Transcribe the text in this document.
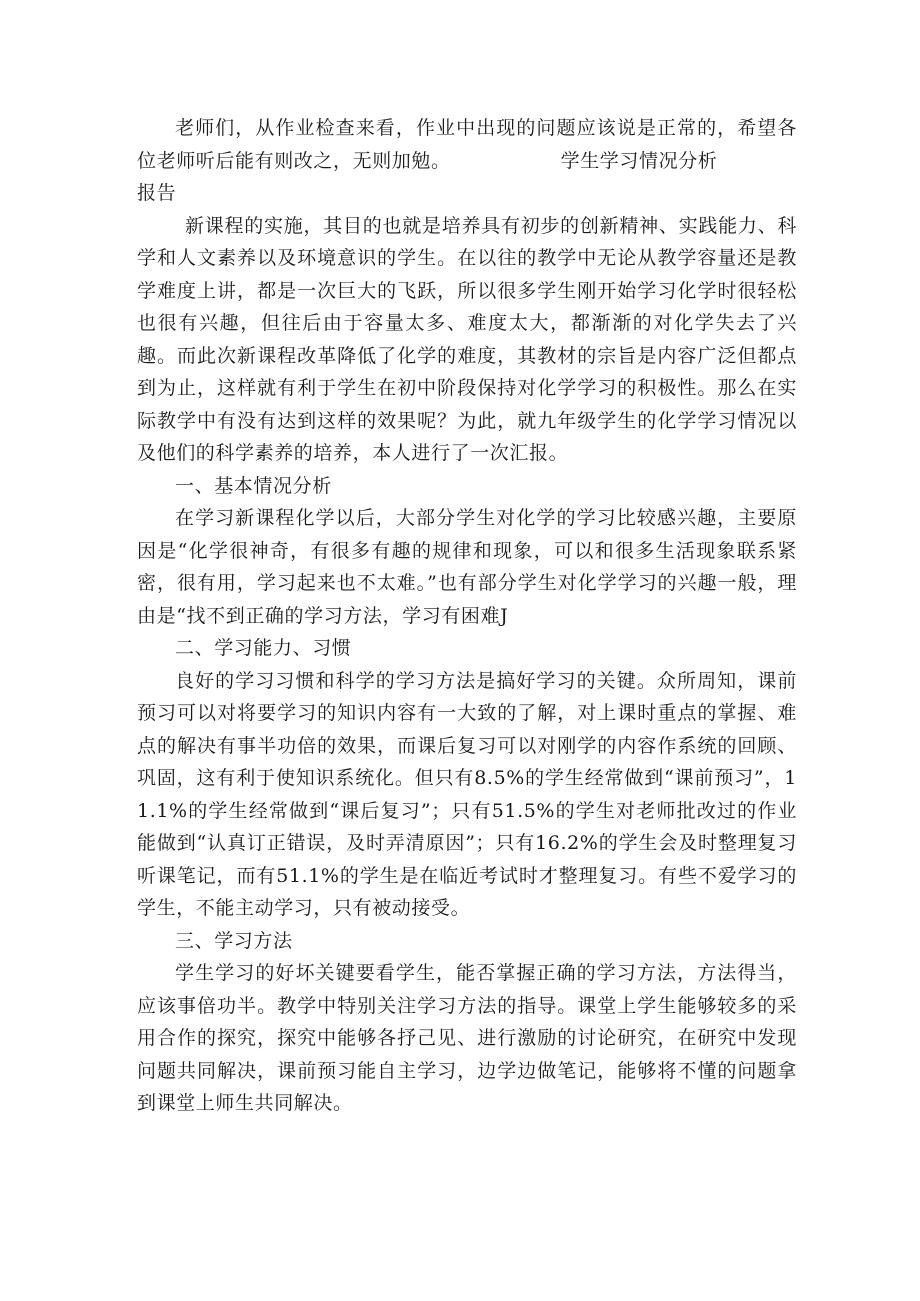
老师们，从作业检查来看，作业中出现的问题应该说是正常的，希望各位老师听后能有则改之，无则加勉。	学生学习情况分析

报告

新课程的实施，其目的也就是培养具有初步的创新精神、实践能力、科学和人文素养以及环境意识的学生。在以往的教学中无论从教学容量还是教学难度上讲，都是一次巨大的飞跃，所以很多学生刚开始学习化学时很轻松也很有兴趣，但往后由于容量太多、难度太大，都渐渐的对化学失去了兴趣。而此次新课程改革降低了化学的难度，其教材的宗旨是内容广泛但都点到为止，这样就有利于学生在初中阶段保持对化学学习的积极性。那么在实际教学中有没有达到这样的效果呢？为此，就九年级学生的化学学习情况以及他们的科学素养的培养，本人进行了一次汇报。

一、基本情况分析

在学习新课程化学以后，大部分学生对化学的学习比较感兴趣，主要原因是“化学很神奇，有很多有趣的规律和现象，可以和很多生活现象联系紧密，很有用，学习起来也不太难。”也有部分学生对化学学习的兴趣一般，理由是“找不到正确的学习方法，学习有困难J

二、学习能力、习惯

良好的学习习惯和科学的学习方法是搞好学习的关键。众所周知，课前预习可以对将要学习的知识内容有一大致的了解，对上课时重点的掌握、难点的解决有事半功倍的效果，而课后复习可以对刚学的内容作系统的回顾、巩固，这有利于使知识系统化。但只有8.5%的学生经常做到“课前预习”，11.1%的学生经常做到“课后复习”；只有51.5%的学生对老师批改过的作业能做到“认真订正错误，及时弄清原因”；只有16.2%的学生会及时整理复习听课笔记，而有51.1%的学生是在临近考试时才整理复习。有些不爱学习的学生，不能主动学习，只有被动接受。

三、学习方法

学生学习的好坏关键要看学生，能否掌握正确的学习方法，方法得当，应该事倍功半。教学中特别关注学习方法的指导。课堂上学生能够较多的采用合作的探究，探究中能够各抒己见、进行激励的讨论研究，在研究中发现问题共同解决，课前预习能自主学习，边学边做笔记，能够将不懂的问题拿到课堂上师生共同解决。
